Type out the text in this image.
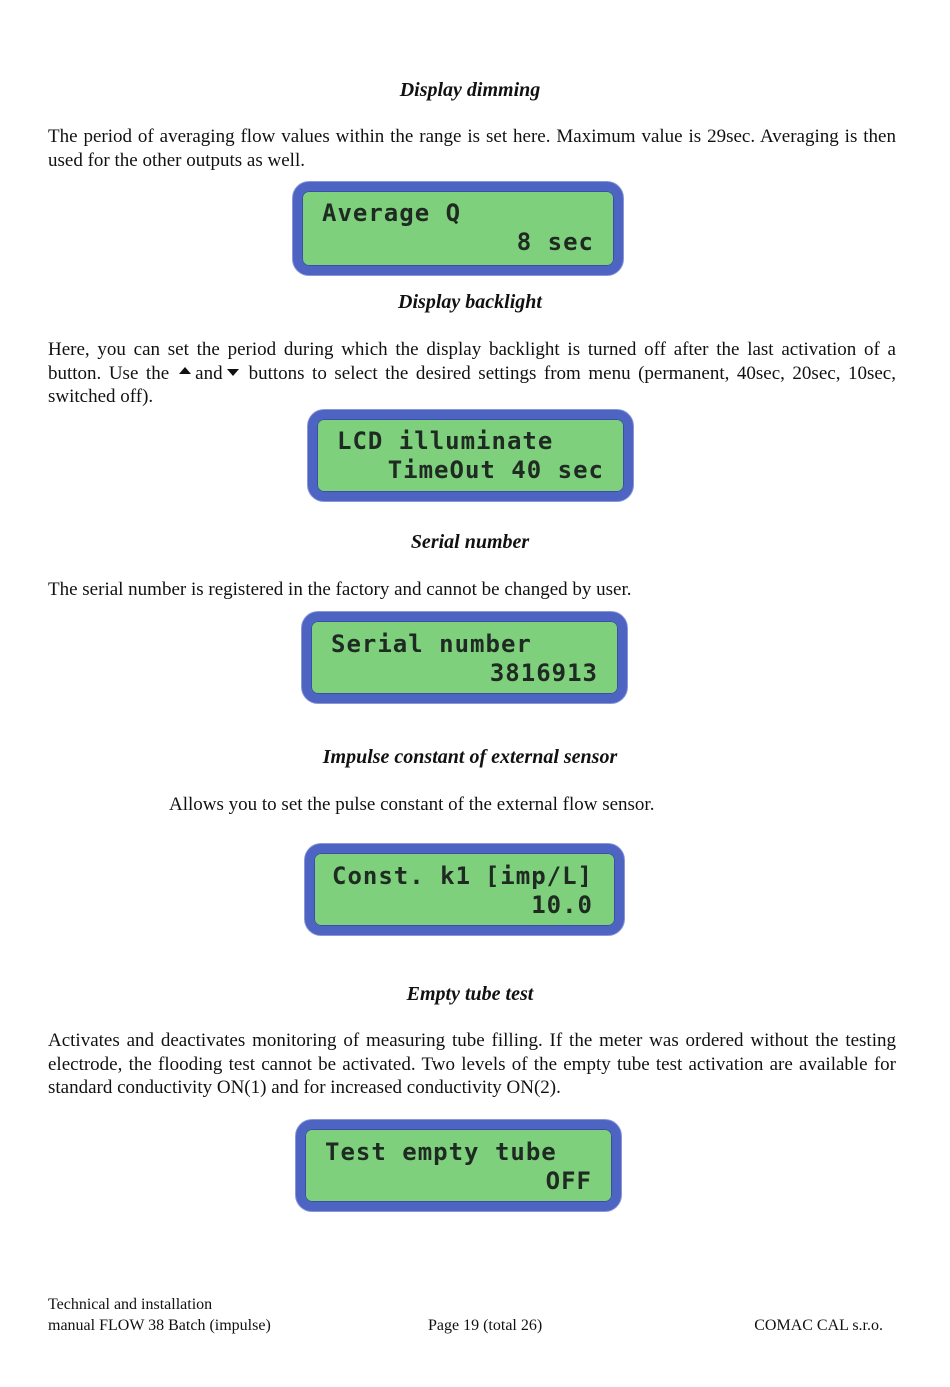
Display dimming
The period of averaging flow values within the range is set here. Maximum value is 29sec. Averaging is then used for the other outputs as well.
Average Q
8 sec
Display backlight
Here, you can set the period during which the display backlight is turned off after the last activation of a button. Use the and buttons to select the desired settings from menu (permanent, 40sec, 20sec, 10sec, switched off).
LCD illuminate
TimeOut 40 sec
Serial number
The serial number is registered in the factory and cannot be changed by user.
Serial number
3816913
Impulse constant of external sensor
Allows you to set the pulse constant of the external flow sensor.
Const. k1 [imp/L]
10.0
Empty tube test
Activates and deactivates monitoring of measuring tube filling. If the meter was ordered without the testing electrode, the flooding test cannot be activated. Two levels of the empty tube test activation are available for standard conductivity ON(1) and for increased conductivity ON(2).
Test empty tube
OFF
Technical and installation
manual FLOW 38 Batch (impulse)	Page 19 (total 26)	COMAC CAL s.r.o.
